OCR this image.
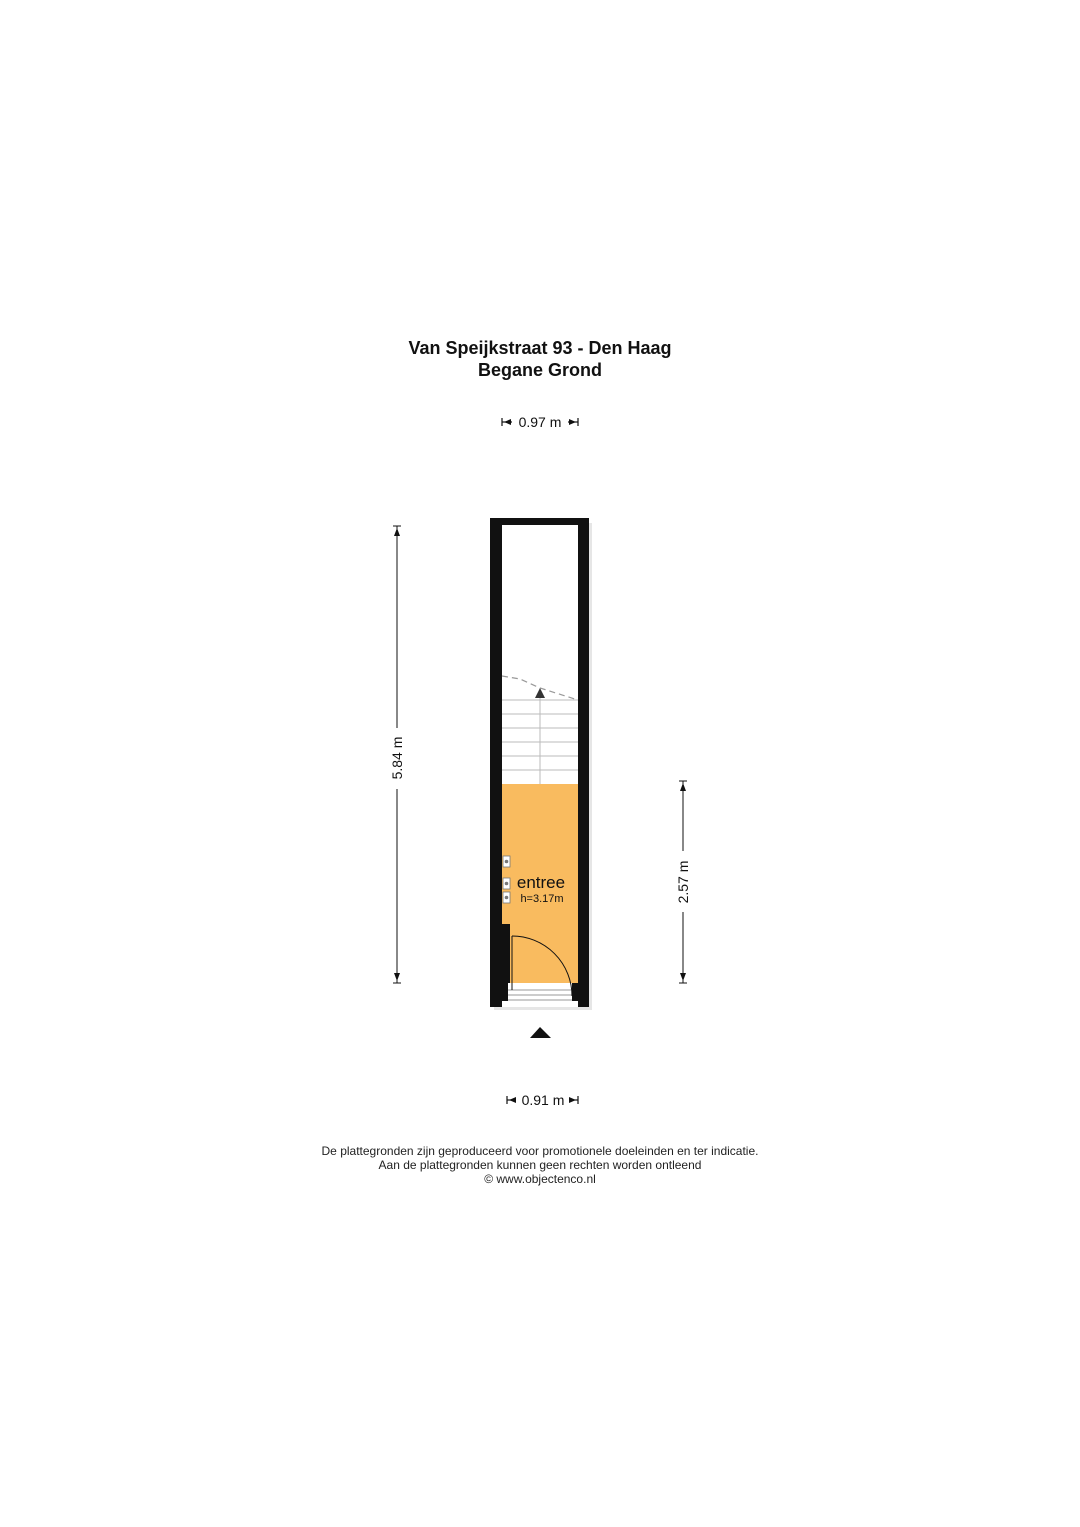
Van Speijkstraat 93 - Den Haag
Begane Grond
0.97 m
5.84 m
2.57 m
entree
h=3.17m
0.91 m
De plattegronden zijn geproduceerd voor promotionele doeleinden en ter indicatie.
Aan de plattegronden kunnen geen rechten worden ontleend
© www.objectenco.nl
